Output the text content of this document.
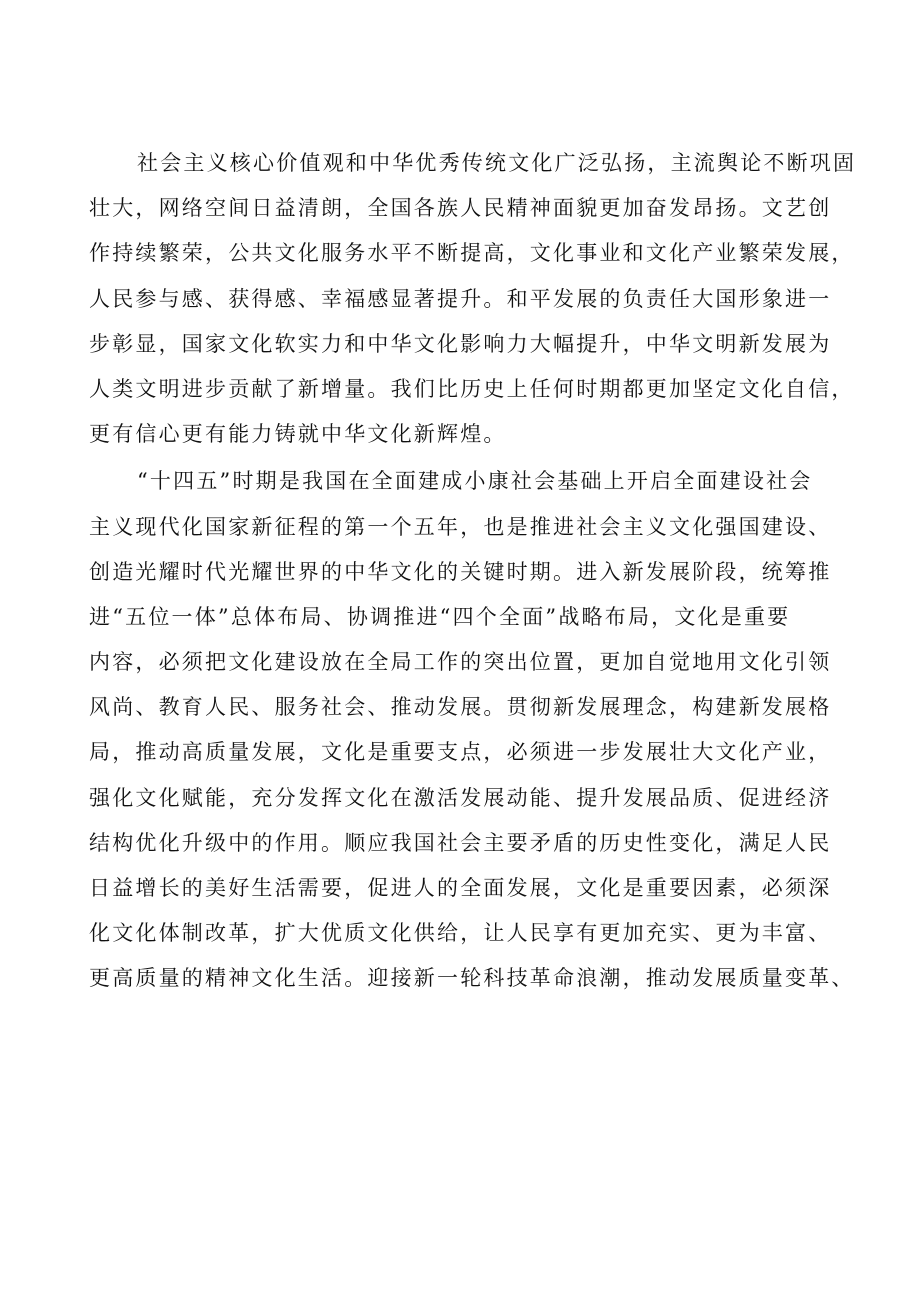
社会主义核心价值观和中华优秀传统文化广泛弘扬，主流舆论不断巩固
壮大，网络空间日益清朗，全国各族人民精神面貌更加奋发昂扬。文艺创
作持续繁荣，公共文化服务水平不断提高，文化事业和文化产业繁荣发展，
人民参与感、获得感、幸福感显著提升。和平发展的负责任大国形象进一
步彰显，国家文化软实力和中华文化影响力大幅提升，中华文明新发展为
人类文明进步贡献了新增量。我们比历史上任何时期都更加坚定文化自信，
更有信心更有能力铸就中华文化新辉煌。

“十四五”时期是我国在全面建成小康社会基础上开启全面建设社会
主义现代化国家新征程的第一个五年，也是推进社会主义文化强国建设、
创造光耀时代光耀世界的中华文化的关键时期。进入新发展阶段，统筹推
进“五位一体”总体布局、协调推进“四个全面”战略布局，文化是重要
内容，必须把文化建设放在全局工作的突出位置，更加自觉地用文化引领
风尚、教育人民、服务社会、推动发展。贯彻新发展理念，构建新发展格
局，推动高质量发展，文化是重要支点，必须进一步发展壮大文化产业，
强化文化赋能，充分发挥文化在激活发展动能、提升发展品质、促进经济
结构优化升级中的作用。顺应我国社会主要矛盾的历史性变化，满足人民
日益增长的美好生活需要，促进人的全面发展，文化是重要因素，必须深
化文化体制改革，扩大优质文化供给，让人民享有更加充实、更为丰富、
更高质量的精神文化生活。迎接新一轮科技革命浪潮，推动发展质量变革、
